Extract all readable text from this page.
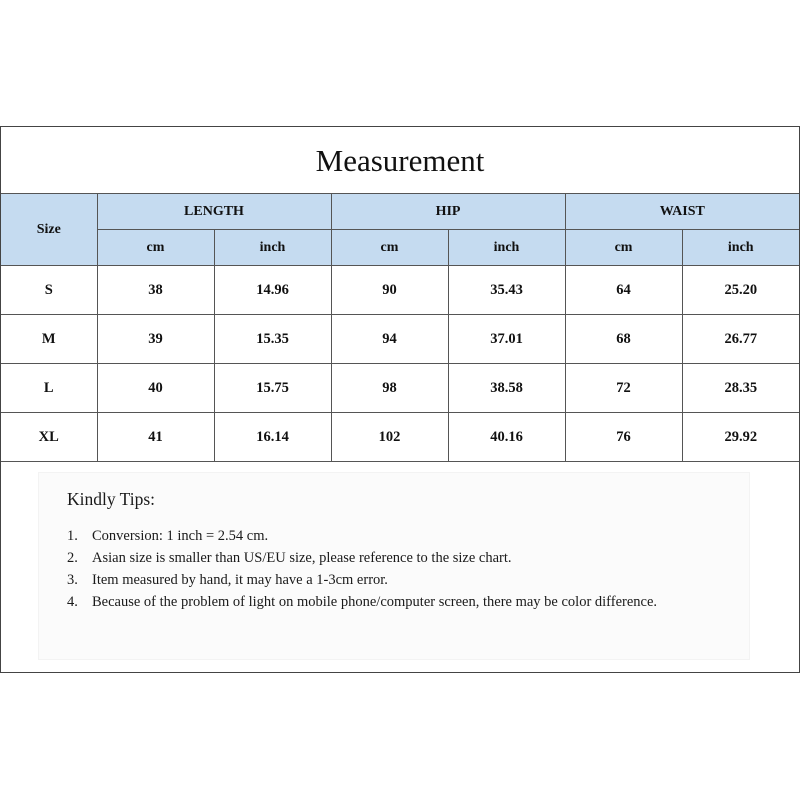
Measurement
Size	LENGTH		HIP		WAIST	
	cm	inch	cm	inch	cm	inch
S	38	14.96	90	35.43	64	25.20
M	39	15.35	94	37.01	68	26.77
L	40	15.75	98	38.58	72	28.35
XL	41	16.14	102	40.16	76	29.92
Kindly Tips:
1. Conversion: 1 inch = 2.54 cm.
2. Asian size is smaller than US/EU size, please reference to the size chart.
3. Item measured by hand, it may have a 1-3cm error.
4. Because of the problem of light on mobile phone/computer screen, there may be color difference.
